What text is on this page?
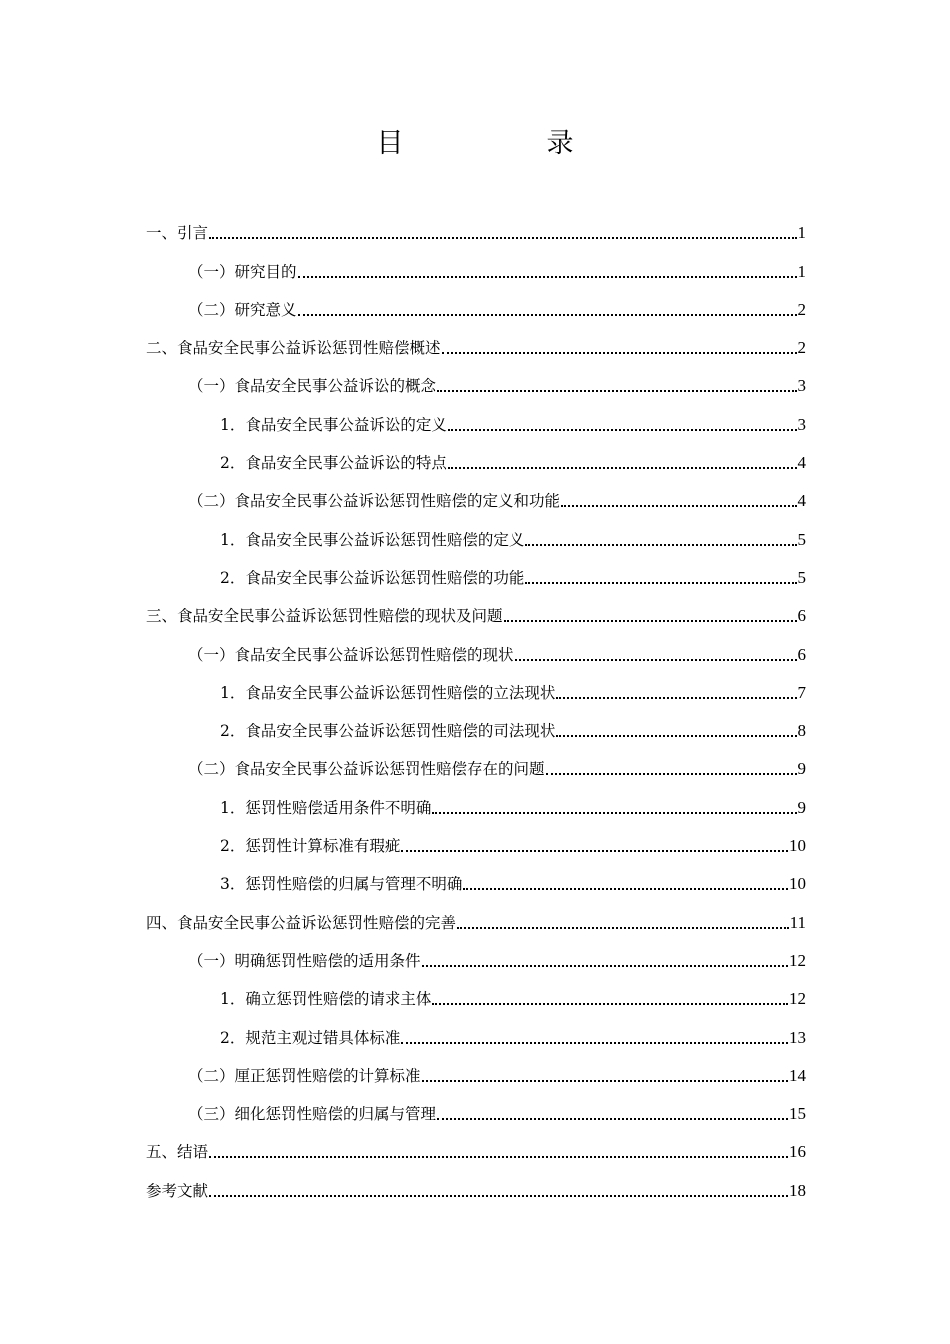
目　录
一、引言	1
（一）研究目的	1
（二）研究意义	2
二、食品安全民事公益诉讼惩罚性赔偿概述	2
（一）食品安全民事公益诉讼的概念	3
1．食品安全民事公益诉讼的定义	3
2．食品安全民事公益诉讼的特点	4
（二）食品安全民事公益诉讼惩罚性赔偿的定义和功能	4
1．食品安全民事公益诉讼惩罚性赔偿的定义	5
2．食品安全民事公益诉讼惩罚性赔偿的功能	5
三、食品安全民事公益诉讼惩罚性赔偿的现状及问题	6
（一）食品安全民事公益诉讼惩罚性赔偿的现状	6
1．食品安全民事公益诉讼惩罚性赔偿的立法现状	7
2．食品安全民事公益诉讼惩罚性赔偿的司法现状	8
（二）食品安全民事公益诉讼惩罚性赔偿存在的问题	9
1．惩罚性赔偿适用条件不明确	9
2．惩罚性计算标准有瑕疵	10
3．惩罚性赔偿的归属与管理不明确	10
四、食品安全民事公益诉讼惩罚性赔偿的完善	11
（一）明确惩罚性赔偿的适用条件	12
1．确立惩罚性赔偿的请求主体	12
2．规范主观过错具体标准	13
（二）厘正惩罚性赔偿的计算标准	14
（三）细化惩罚性赔偿的归属与管理	15
五、结语	16
参考文献	18
